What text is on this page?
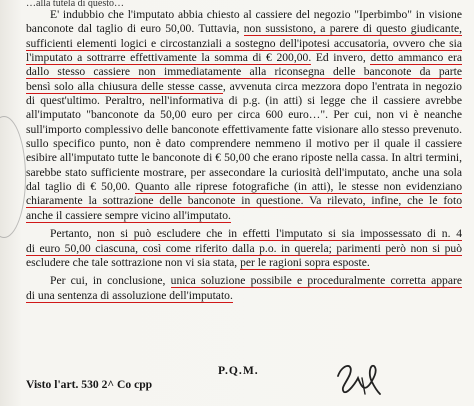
…alla tutela di questo…
E' indubbio che l'imputato abbia chiesto al cassiere del negozio "Iperbimbo" in visione
banconote dal taglio di euro 50,00. Tuttavia, non sussistono, a parere di questo giudicante,
sufficienti elementi logici e circostanziali a sostegno dell'ipotesi accusatoria, ovvero che sia
l'imputato a sottrarre effettivamente la somma di € 200,00. Ed invero, detto ammanco era
dallo stesso cassiere non immediatamente alla riconsegna delle banconote da parte
bensì solo alla chiusura delle stesse casse, avvenuta circa mezzora dopo l'entrata in negozio
di quest'ultimo. Peraltro, nell'informativa di p.g. (in atti) si legge che il cassiere avrebbe
all'imputato "banconote da 50,00 euro per circa 600 euro…". Per cui, non vi è neanche
sull'importo complessivo delle banconote effettivamente fatte visionare allo stesso prevenuto.
sullo specifico punto, non è dato comprendere nemmeno il motivo per il quale il cassiere
esibire all'imputato tutte le banconote di € 50,00 che erano riposte nella cassa. In altri termini,
sarebbe stato sufficiente mostrare, per assecondare la curiosità dell'imputato, anche una sola
dal taglio di € 50,00. Quanto alle riprese fotografiche (in atti), le stesse non evidenziano
chiaramente la sottrazione delle banconote in questione. Va rilevato, infine, che le foto
anche il cassiere sempre vicino all'imputato.
Pertanto, non si può escludere che in effetti l'imputato si sia impossessato di n. 4
di euro 50,00 ciascuna, così come riferito dalla p.o. in querela; parimenti però non si può
escludere che tale sottrazione non vi sia stata, per le ragioni sopra esposte.
Per cui, in conclusione, unica soluzione possibile e proceduralmente corretta appare
di una sentenza di assoluzione dell'imputato.
P.Q.M.
Visto l'art. 530 2^ Co cpp
